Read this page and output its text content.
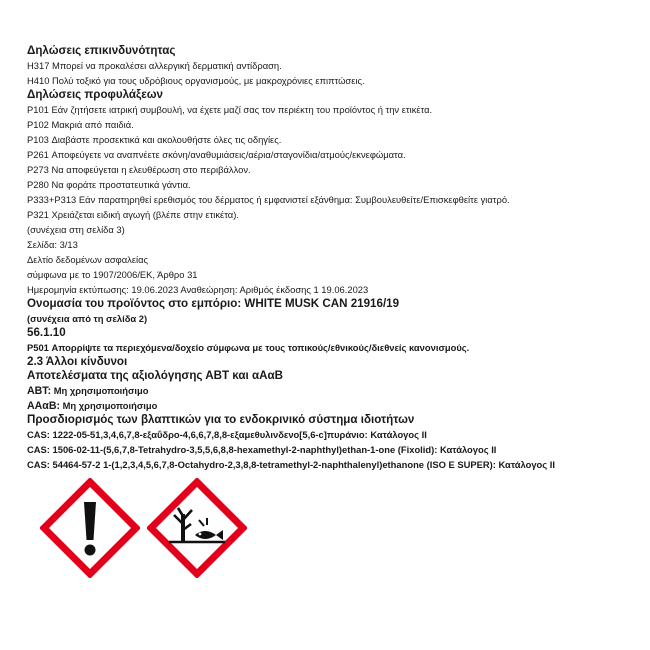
Δηλώσεις επικινδυνότητας

H317 Μπορεί να προκαλέσει αλλεργική δερματική αντίδραση.

H410 Πολύ τοξικό για τους υδρόβιους οργανισμούς, με μακροχρόνιες επιπτώσεις.

Δηλώσεις προφυλάξεων

P101 Εάν ζητήσετε ιατρική συμβουλή, να έχετε μαζί σας τον περιέκτη του προϊόντος ή την ετικέτα.

P102 Μακριά από παιδιά.

P103 Διαβάστε προσεκτικά και ακολουθήστε όλες τις οδηγίες.

P261 Αποφεύγετε να αναπνέετε σκόνη/αναθυμιάσεις/αέρια/σταγονίδια/ατμούς/εκνεφώματα.

P273 Να αποφεύγεται η ελευθέρωση στο περιβάλλον.

P280 Να φοράτε προστατευτικά γάντια.

P333+P313 Εάν παρατηρηθεί ερεθισμός του δέρματος ή εμφανιστεί εξάνθημα: Συμβουλευθείτε/Επισκεφθείτε γιατρό.

P321 Χρειάζεται ειδική αγωγή (βλέπε στην ετικέτα).

(συνέχεια στη σελίδα 3)

Σελίδα: 3/13

Δελτίο δεδομένων ασφαλείας

σύμφωνα με το 1907/2006/ΕΚ, Άρθρο 31

Ημερομηνία εκτύπωσης: 19.06.2023 Αναθεώρηση: Αριθμός έκδοσης 1 19.06.2023

Ονομασία του προϊόντος στο εμπόριο: WHITE MUSK CAN 21916/19

(συνέχεια από τη σελίδα 2)

56.1.10

P501 Απορρίψτε τα περιεχόμενα/δοχείο σύμφωνα με τους τοπικούς/εθνικούς/διεθνείς κανονισμούς.

2.3 Άλλοι κίνδυνοι

Αποτελέσματα της αξιολόγησης ΑΒΤ και αΑαΒ

ΑΒΤ: Μη χρησιμοποιήσιμο

ΑΑαΒ: Μη χρησιμοποιήσιμο

Προσδιορισμός των βλαπτικών για το ενδοκρινικό σύστημα ιδιοτήτων

CAS: 1222-05-51,3,4,6,7,8-εξαΰδρο-4,6,6,7,8,8-εξαμεθυλινδενο[5,6-c]πυράνιο: Κατάλογος II

CAS: 1506-02-11-(5,6,7,8-Tetrahydro-3,5,5,6,8,8-hexamethyl-2-naphthyl)ethan-1-one (Fixolid): Κατάλογος II

CAS: 54464-57-2 1-(1,2,3,4,5,6,7,8-Octahydro-2,3,8,8-tetramethyl-2-naphthalenyl)ethanone (ISO E SUPER): Κατάλογος II
